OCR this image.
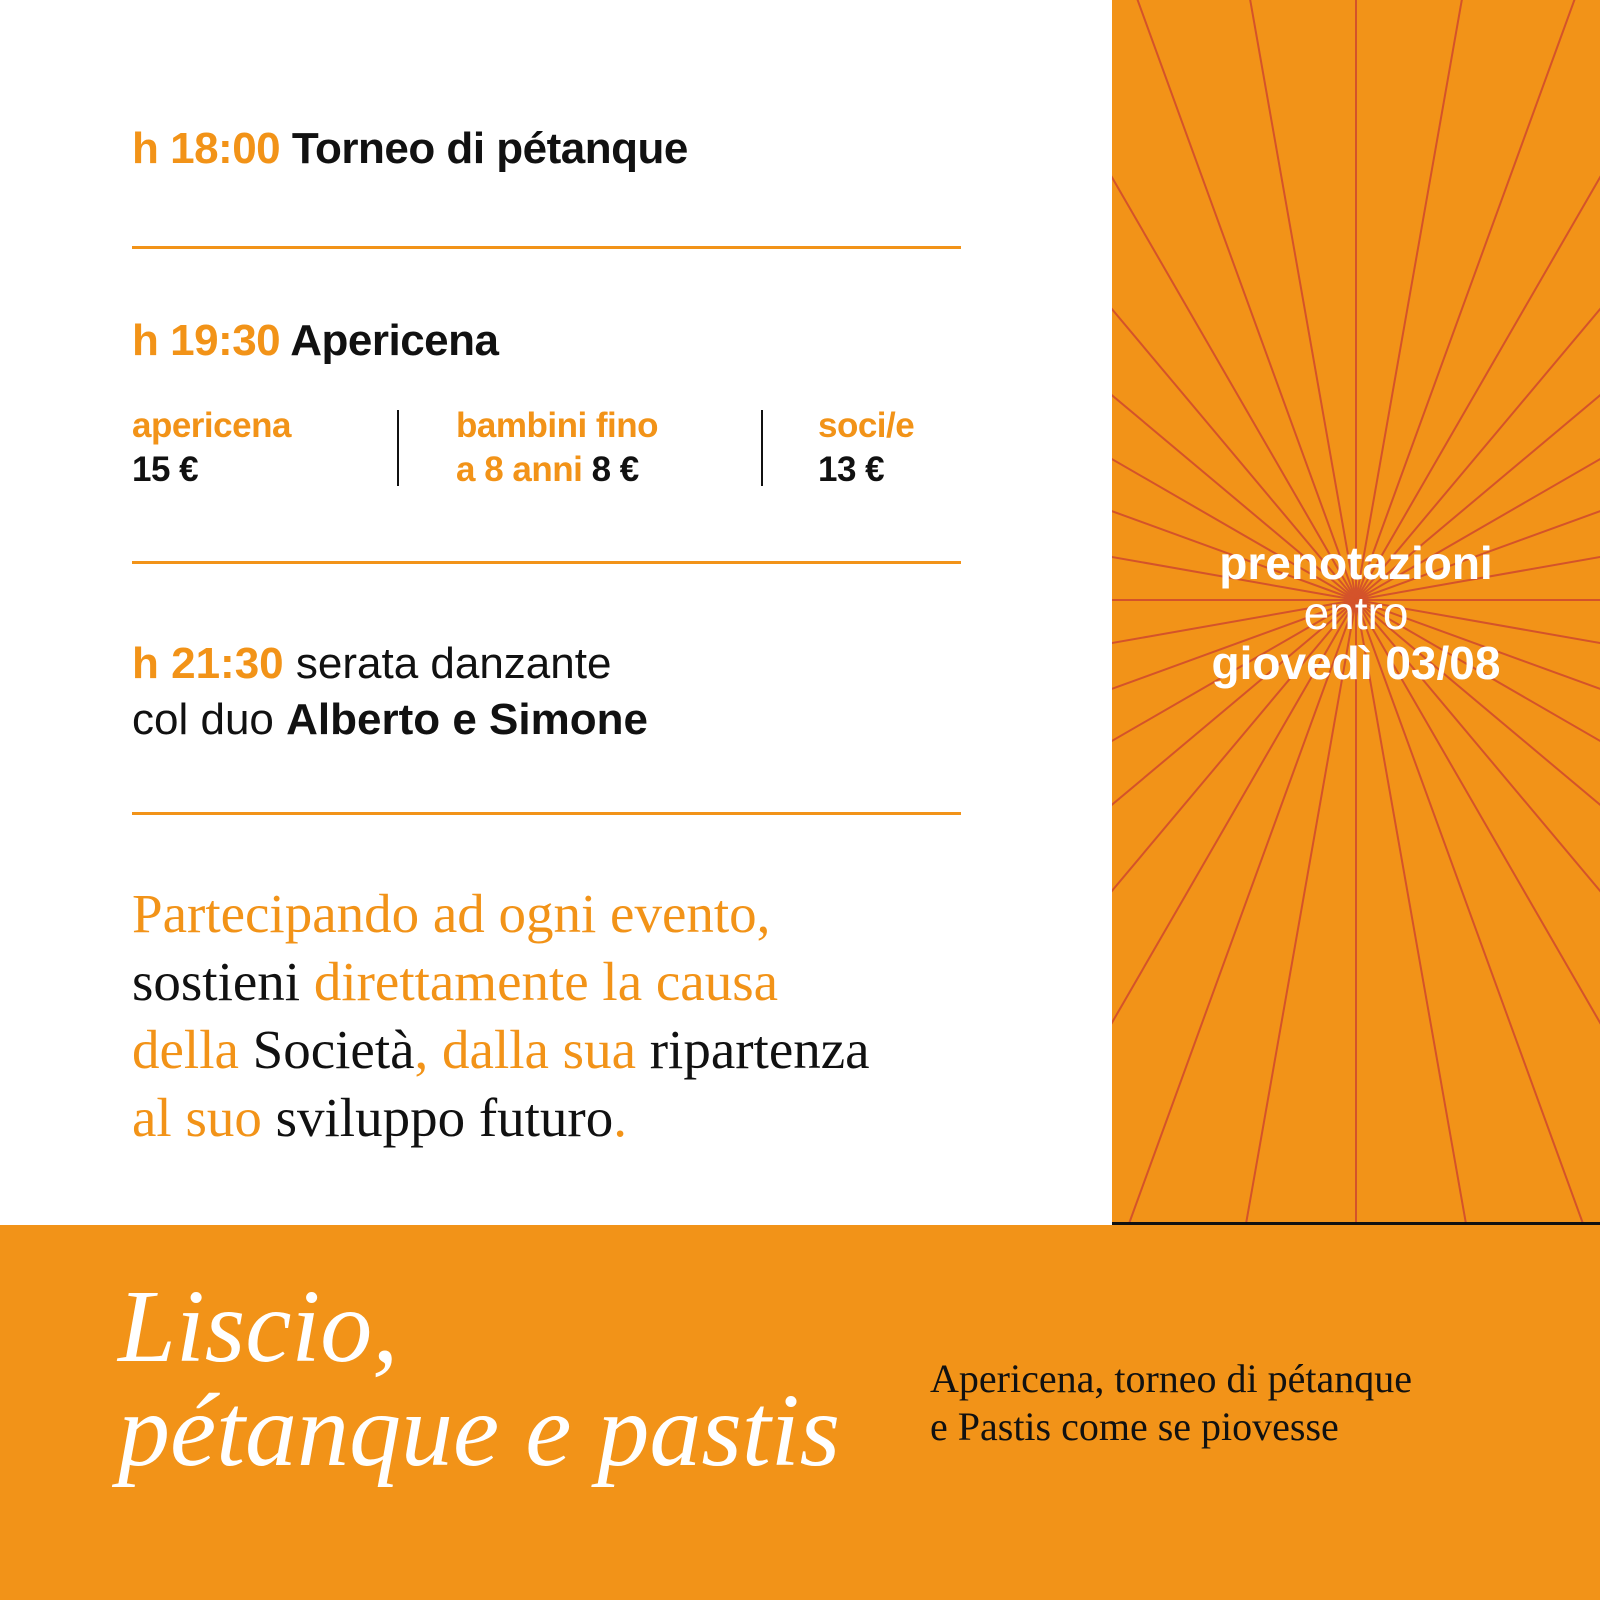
h 18:00 Torneo di pétanque
h 19:30 Apericena
apericena
15 €
bambini fino
a 8 anni 8 €
soci/e
13 €
h 21:30 serata danzante
col duo Alberto e Simone
Partecipando ad ogni evento,
sostieni direttamente la causa
della Società, dalla sua ripartenza
al suo sviluppo futuro.
prenotazioni
entro
giovedì 03/08
Liscio,
pétanque e pastis Apericena, torneo di pétanque
e Pastis come se piovesse
